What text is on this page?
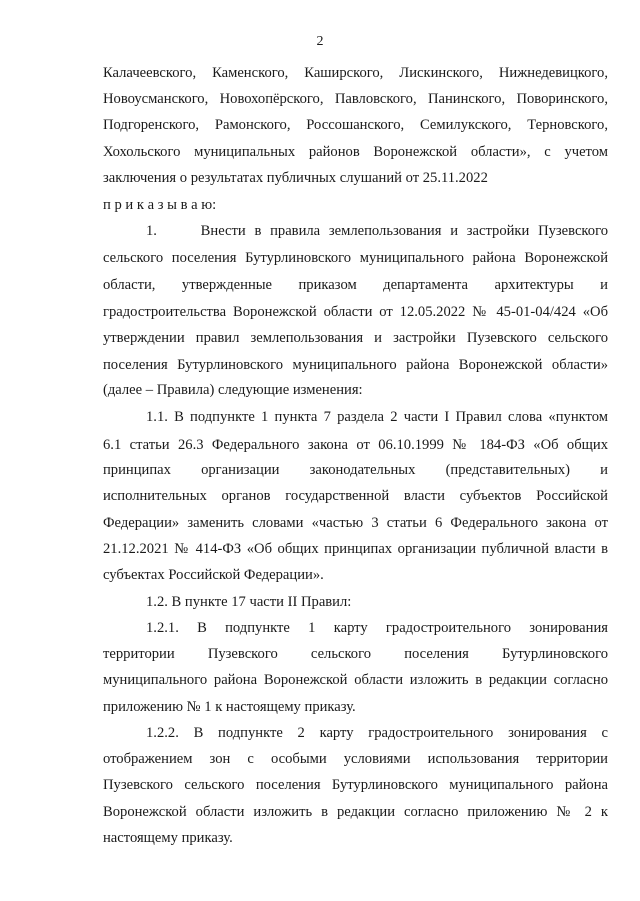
2
Калачеевского, Каменского, Каширского, Лискинского, Нижнедевицкого,
Новоусманского, Новохопёрского, Павловского, Панинского, Поворинского,
Подгоренского, Рамонского, Россошанского, Семилукского, Терновского,
Хохольского муниципальных районов Воронежской области», с учетом
заключения о результатах публичных слушаний от 25.11.2022
п р и к а з ы в а ю:
1.     Внести в правила землепользования и застройки Пузевского
сельского поселения Бутурлиновского муниципального района Воронежской
области, утвержденные приказом департамента архитектуры и
градостроительства Воронежской области от 12.05.2022 № 45-01-04/424 «Об
утверждении правил землепользования и застройки Пузевского сельского
поселения Бутурлиновского муниципального района Воронежской области»
(далее – Правила) следующие изменения:
1.1. В подпункте 1 пункта 7 раздела 2 части I Правил слова «пунктом
6.1 статьи 26.3 Федерального закона от 06.10.1999 № 184-ФЗ «Об общих
принципах организации законодательных (представительных) и
исполнительных органов государственной власти субъектов Российской
Федерации» заменить словами «частью 3 статьи 6 Федерального закона от
21.12.2021 № 414-ФЗ «Об общих принципах организации публичной власти в
субъектах Российской Федерации».
1.2. В пункте 17 части II Правил:
1.2.1. В подпункте 1 карту градостроительного зонирования
территории Пузевского сельского поселения Бутурлиновского
муниципального района Воронежской области изложить в редакции согласно
приложению № 1 к настоящему приказу.
1.2.2. В подпункте 2 карту градостроительного зонирования с
отображением зон с особыми условиями использования территории
Пузевского сельского поселения Бутурлиновского муниципального района
Воронежской области изложить в редакции согласно приложению № 2 к
настоящему приказу.
